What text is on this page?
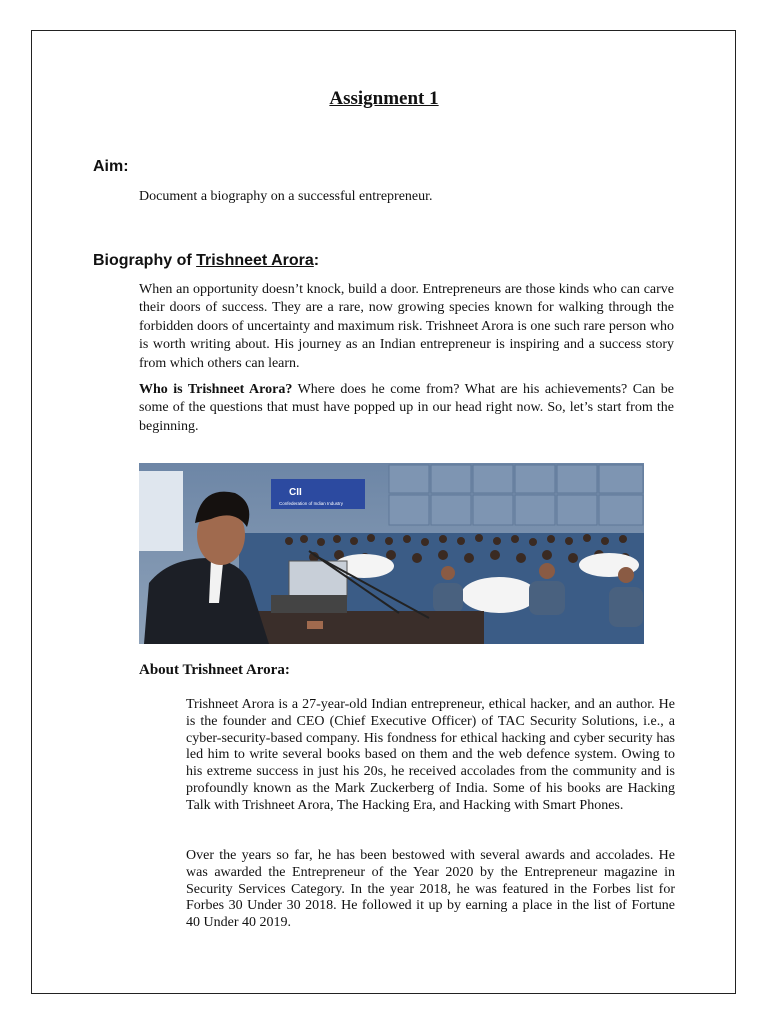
Assignment 1
Aim:
Document a biography on a successful entrepreneur.
Biography of Trishneet Arora:
When an opportunity doesn’t knock, build a door. Entrepreneurs are those kinds who can carve their doors of success. They are a rare, now growing species known for walking through the forbidden doors of uncertainty and maximum risk. Trishneet Arora is one such rare person who is worth writing about. His journey as an Indian entrepreneur is inspiring and a success story from which others can learn.
Who is Trishneet Arora? Where does he come from? What are his achievements? Can be some of the questions that must have popped up in our head right now. So, let’s start from the beginning.
CII
Confederation of Indian Industry
About Trishneet Arora:
Trishneet Arora is a 27-year-old Indian entrepreneur, ethical hacker, and an author. He is the founder and CEO (Chief Executive Officer) of TAC Security Solutions, i.e., a cyber-security-based company. His fondness for ethical hacking and cyber security has led him to write several books based on them and the web defence system. Owing to his extreme success in just his 20s, he received accolades from the community and is profoundly known as the Mark Zuckerberg of India. Some of his books are Hacking Talk with Trishneet Arora, The Hacking Era, and Hacking with Smart Phones.
Over the years so far, he has been bestowed with several awards and accolades. He was awarded the Entrepreneur of the Year 2020 by the Entrepreneur magazine in Security Services Category. In the year 2018, he was featured in the Forbes list for Forbes 30 Under 30 2018. He followed it up by earning a place in the list of Fortune 40 Under 40 2019.
